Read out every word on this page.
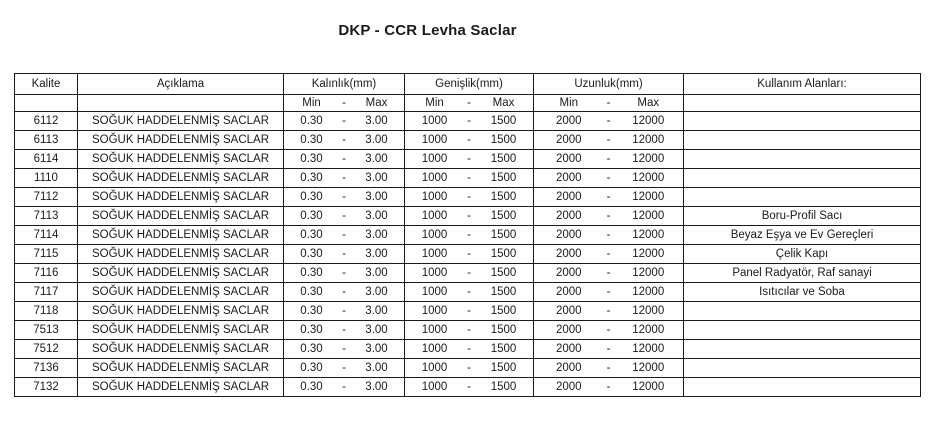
DKP - CCR Levha Saclar
Kalite	Açıklama	Kalınlık(mm)	Genişlik(mm)	Uzunluk(mm)	Kullanım Alanları:

		Min - Max	Min - Max	Min - Max	

6112	SOĞUK HADDELENMİŞ SACLAR	0.30 - 3.00	1000 - 1500	2000 - 12000	

6113	SOĞUK HADDELENMİŞ SACLAR	0.30 - 3.00	1000 - 1500	2000 - 12000	

6114	SOĞUK HADDELENMİŞ SACLAR	0.30 - 3.00	1000 - 1500	2000 - 12000	

1110	SOĞUK HADDELENMİŞ SACLAR	0.30 - 3.00	1000 - 1500	2000 - 12000	

7112	SOĞUK HADDELENMİŞ SACLAR	0.30 - 3.00	1000 - 1500	2000 - 12000	

7113	SOĞUK HADDELENMİŞ SACLAR	0.30 - 3.00	1000 - 1500	2000 - 12000	Boru-Profil Sacı
7114	SOĞUK HADDELENMİŞ SACLAR	0.30 - 3.00	1000 - 1500	2000 - 12000	Beyaz Eşya ve Ev Gereçleri
7115	SOĞUK HADDELENMİŞ SACLAR	0.30 - 3.00	1000 - 1500	2000 - 12000	Çelik Kapı
7116	SOĞUK HADDELENMİŞ SACLAR	0.30 - 3.00	1000 - 1500	2000 - 12000	Panel Radyatör, Raf sanayi
7117	SOĞUK HADDELENMİŞ SACLAR	0.30 - 3.00	1000 - 1500	2000 - 12000	Isıtıcılar ve Soba
7118	SOĞUK HADDELENMİŞ SACLAR	0.30 - 3.00	1000 - 1500	2000 - 12000	

7513	SOĞUK HADDELENMİŞ SACLAR	0.30 - 3.00	1000 - 1500	2000 - 12000	

7512	SOĞUK HADDELENMİŞ SACLAR	0.30 - 3.00	1000 - 1500	2000 - 12000	

7136	SOĞUK HADDELENMİŞ SACLAR	0.30 - 3.00	1000 - 1500	2000 - 12000	

7132	SOĞUK HADDELENMİŞ SACLAR	0.30 - 3.00	1000 - 1500	2000 - 12000	
